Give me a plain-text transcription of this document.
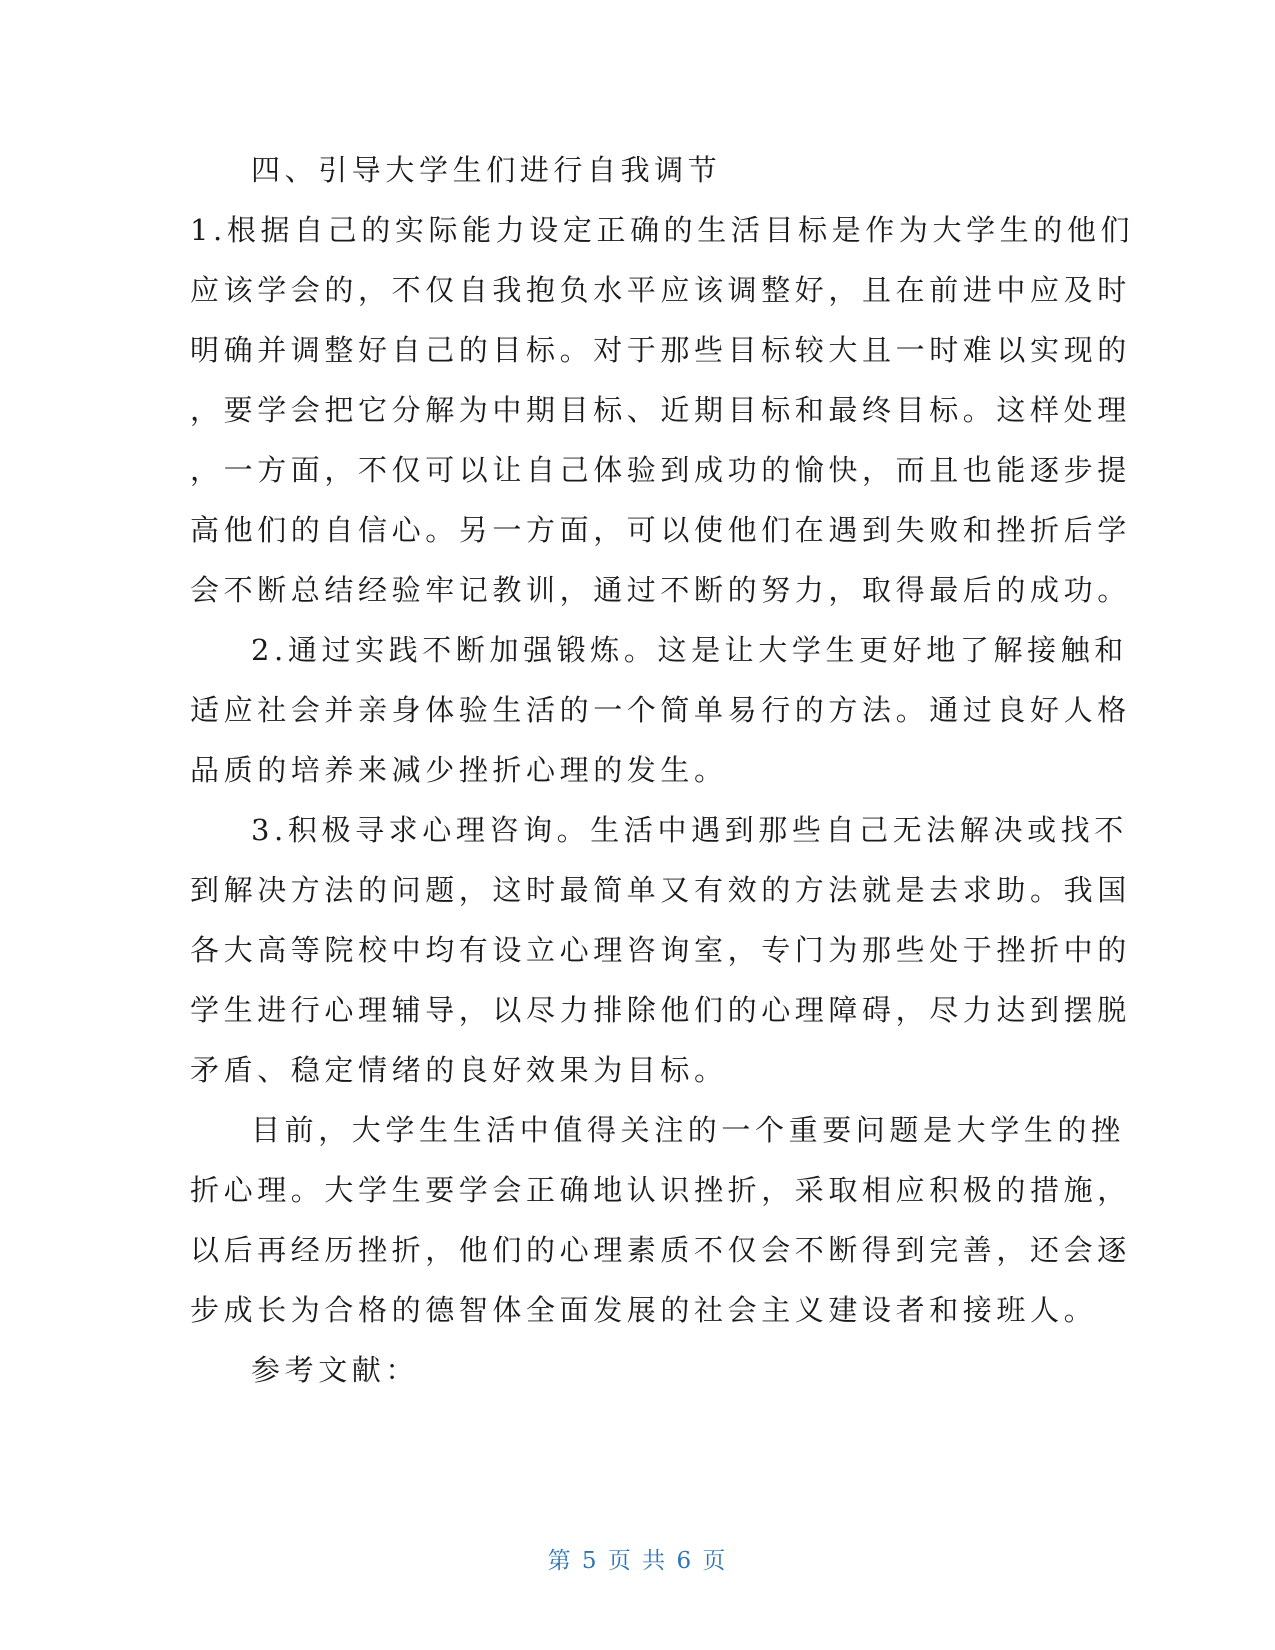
四、引导大学生们进行自我调节
1.根据自己的实际能力设定正确的生活目标是作为大学生的他们
应该学会的，不仅自我抱负水平应该调整好，且在前进中应及时
明确并调整好自己的目标。对于那些目标较大且一时难以实现的
，要学会把它分解为中期目标、近期目标和最终目标。这样处理
，一方面，不仅可以让自己体验到成功的愉快，而且也能逐步提
高他们的自信心。另一方面，可以使他们在遇到失败和挫折后学
会不断总结经验牢记教训，通过不断的努力，取得最后的成功。
2.通过实践不断加强锻炼。这是让大学生更好地了解接触和
适应社会并亲身体验生活的一个简单易行的方法。通过良好人格
品质的培养来减少挫折心理的发生。
3.积极寻求心理咨询。生活中遇到那些自己无法解决或找不
到解决方法的问题，这时最简单又有效的方法就是去求助。我国
各大高等院校中均有设立心理咨询室，专门为那些处于挫折中的
学生进行心理辅导，以尽力排除他们的心理障碍，尽力达到摆脱
矛盾、稳定情绪的良好效果为目标。
目前，大学生生活中值得关注的一个重要问题是大学生的挫
折心理。大学生要学会正确地认识挫折，采取相应积极的措施，
以后再经历挫折，他们的心理素质不仅会不断得到完善，还会逐
步成长为合格的德智体全面发展的社会主义建设者和接班人。
参考文献：
第 5 页 共 6 页
